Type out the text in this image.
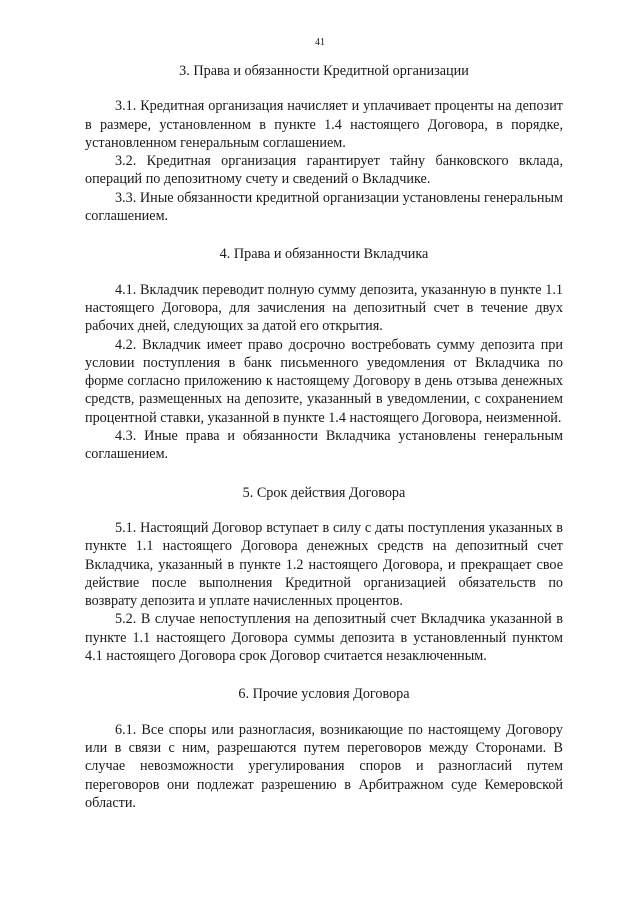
41

3. Права и обязанности Кредитной организации

3.1. Кредитная организация начисляет и уплачивает проценты на депозит в размере, установленном в пункте 1.4 настоящего Договора, в порядке, установленном генеральным соглашением.

3.2. Кредитная организация гарантирует тайну банковского вклада, операций по депозитному счету и сведений о Вкладчике.

3.3. Иные обязанности кредитной организации установлены генеральным соглашением.

4. Права и обязанности Вкладчика

4.1. Вкладчик переводит полную сумму депозита, указанную в пункте 1.1 настоящего Договора, для зачисления на депозитный счет в течение двух рабочих дней, следующих за датой его открытия.

4.2. Вкладчик имеет право досрочно востребовать сумму депозита при условии поступления в банк письменного уведомления от Вкладчика по форме согласно приложению к настоящему Договору в день отзыва денежных средств, размещенных на депозите, указанный в уведомлении, с сохранением процентной ставки, указанной в пункте 1.4 настоящего Договора, неизменной.

4.3. Иные права и обязанности Вкладчика установлены генеральным соглашением.

5. Срок действия Договора

5.1. Настоящий Договор вступает в силу с даты поступления указанных в пункте 1.1 настоящего Договора денежных средств на депозитный счет Вкладчика, указанный в пункте 1.2 настоящего Договора, и прекращает свое действие после выполнения Кредитной организацией обязательств по возврату депозита и уплате начисленных процентов.

5.2. В случае непоступления на депозитный счет Вкладчика указанной в пункте 1.1 настоящего Договора суммы депозита в установленный пунктом 4.1 настоящего Договора срок Договор считается незаключенным.

6. Прочие условия Договора

6.1. Все споры или разногласия, возникающие по настоящему Договору или в связи с ним, разрешаются путем переговоров между Сторонами. В случае невозможности урегулирования споров и разногласий путем переговоров они подлежат разрешению в Арбитражном суде Кемеровской области.
